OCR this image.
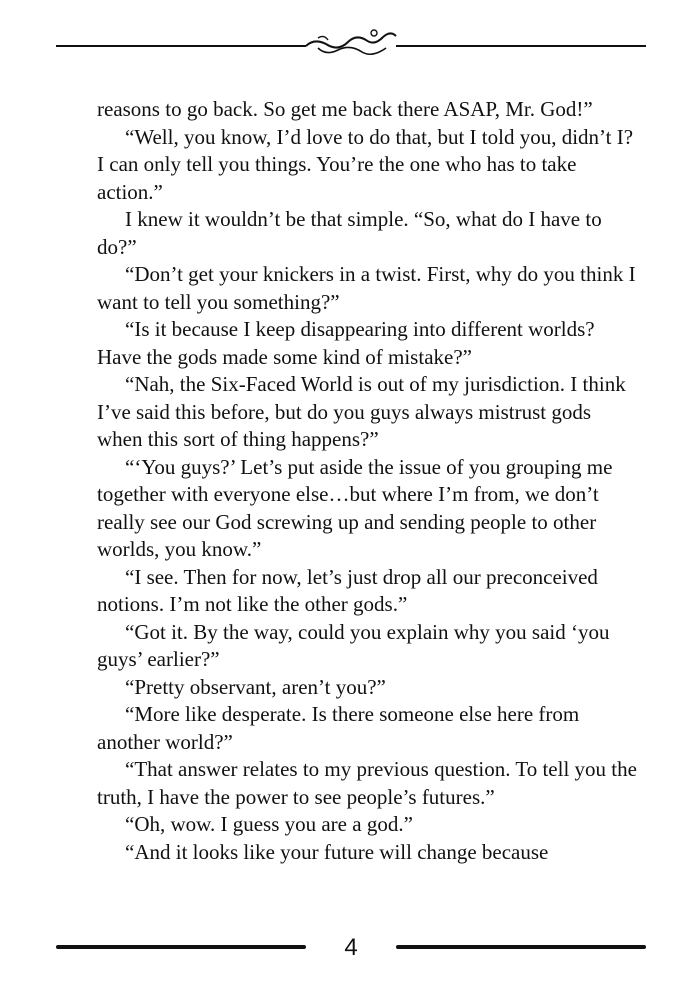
reasons to go back. So get me back there ASAP, Mr. God!”

“Well, you know, I’d love to do that, but I told you, didn’t I? I can only tell you things. You’re the one who has to take action.”

I knew it wouldn’t be that simple. “So, what do I have to do?”

“Don’t get your knickers in a twist. First, why do you think I want to tell you something?”

“Is it because I keep disappearing into different worlds? Have the gods made some kind of mistake?”

“Nah, the Six-Faced World is out of my jurisdiction. I think I’ve said this before, but do you guys always mistrust gods when this sort of thing happens?”

“‘You guys?’ Let’s put aside the issue of you grouping me together with everyone else…but where I’m from, we don’t really see our God screwing up and sending people to other worlds, you know.”

“I see. Then for now, let’s just drop all our preconceived notions. I’m not like the other gods.”

“Got it. By the way, could you explain why you said ‘you guys’ earlier?”

“Pretty observant, aren’t you?”

“More like desperate. Is there someone else here from another world?”

“That answer relates to my previous question. To tell you the truth, I have the power to see people’s futures.”

“Oh, wow. I guess you are a god.”

“And it looks like your future will change because

4
